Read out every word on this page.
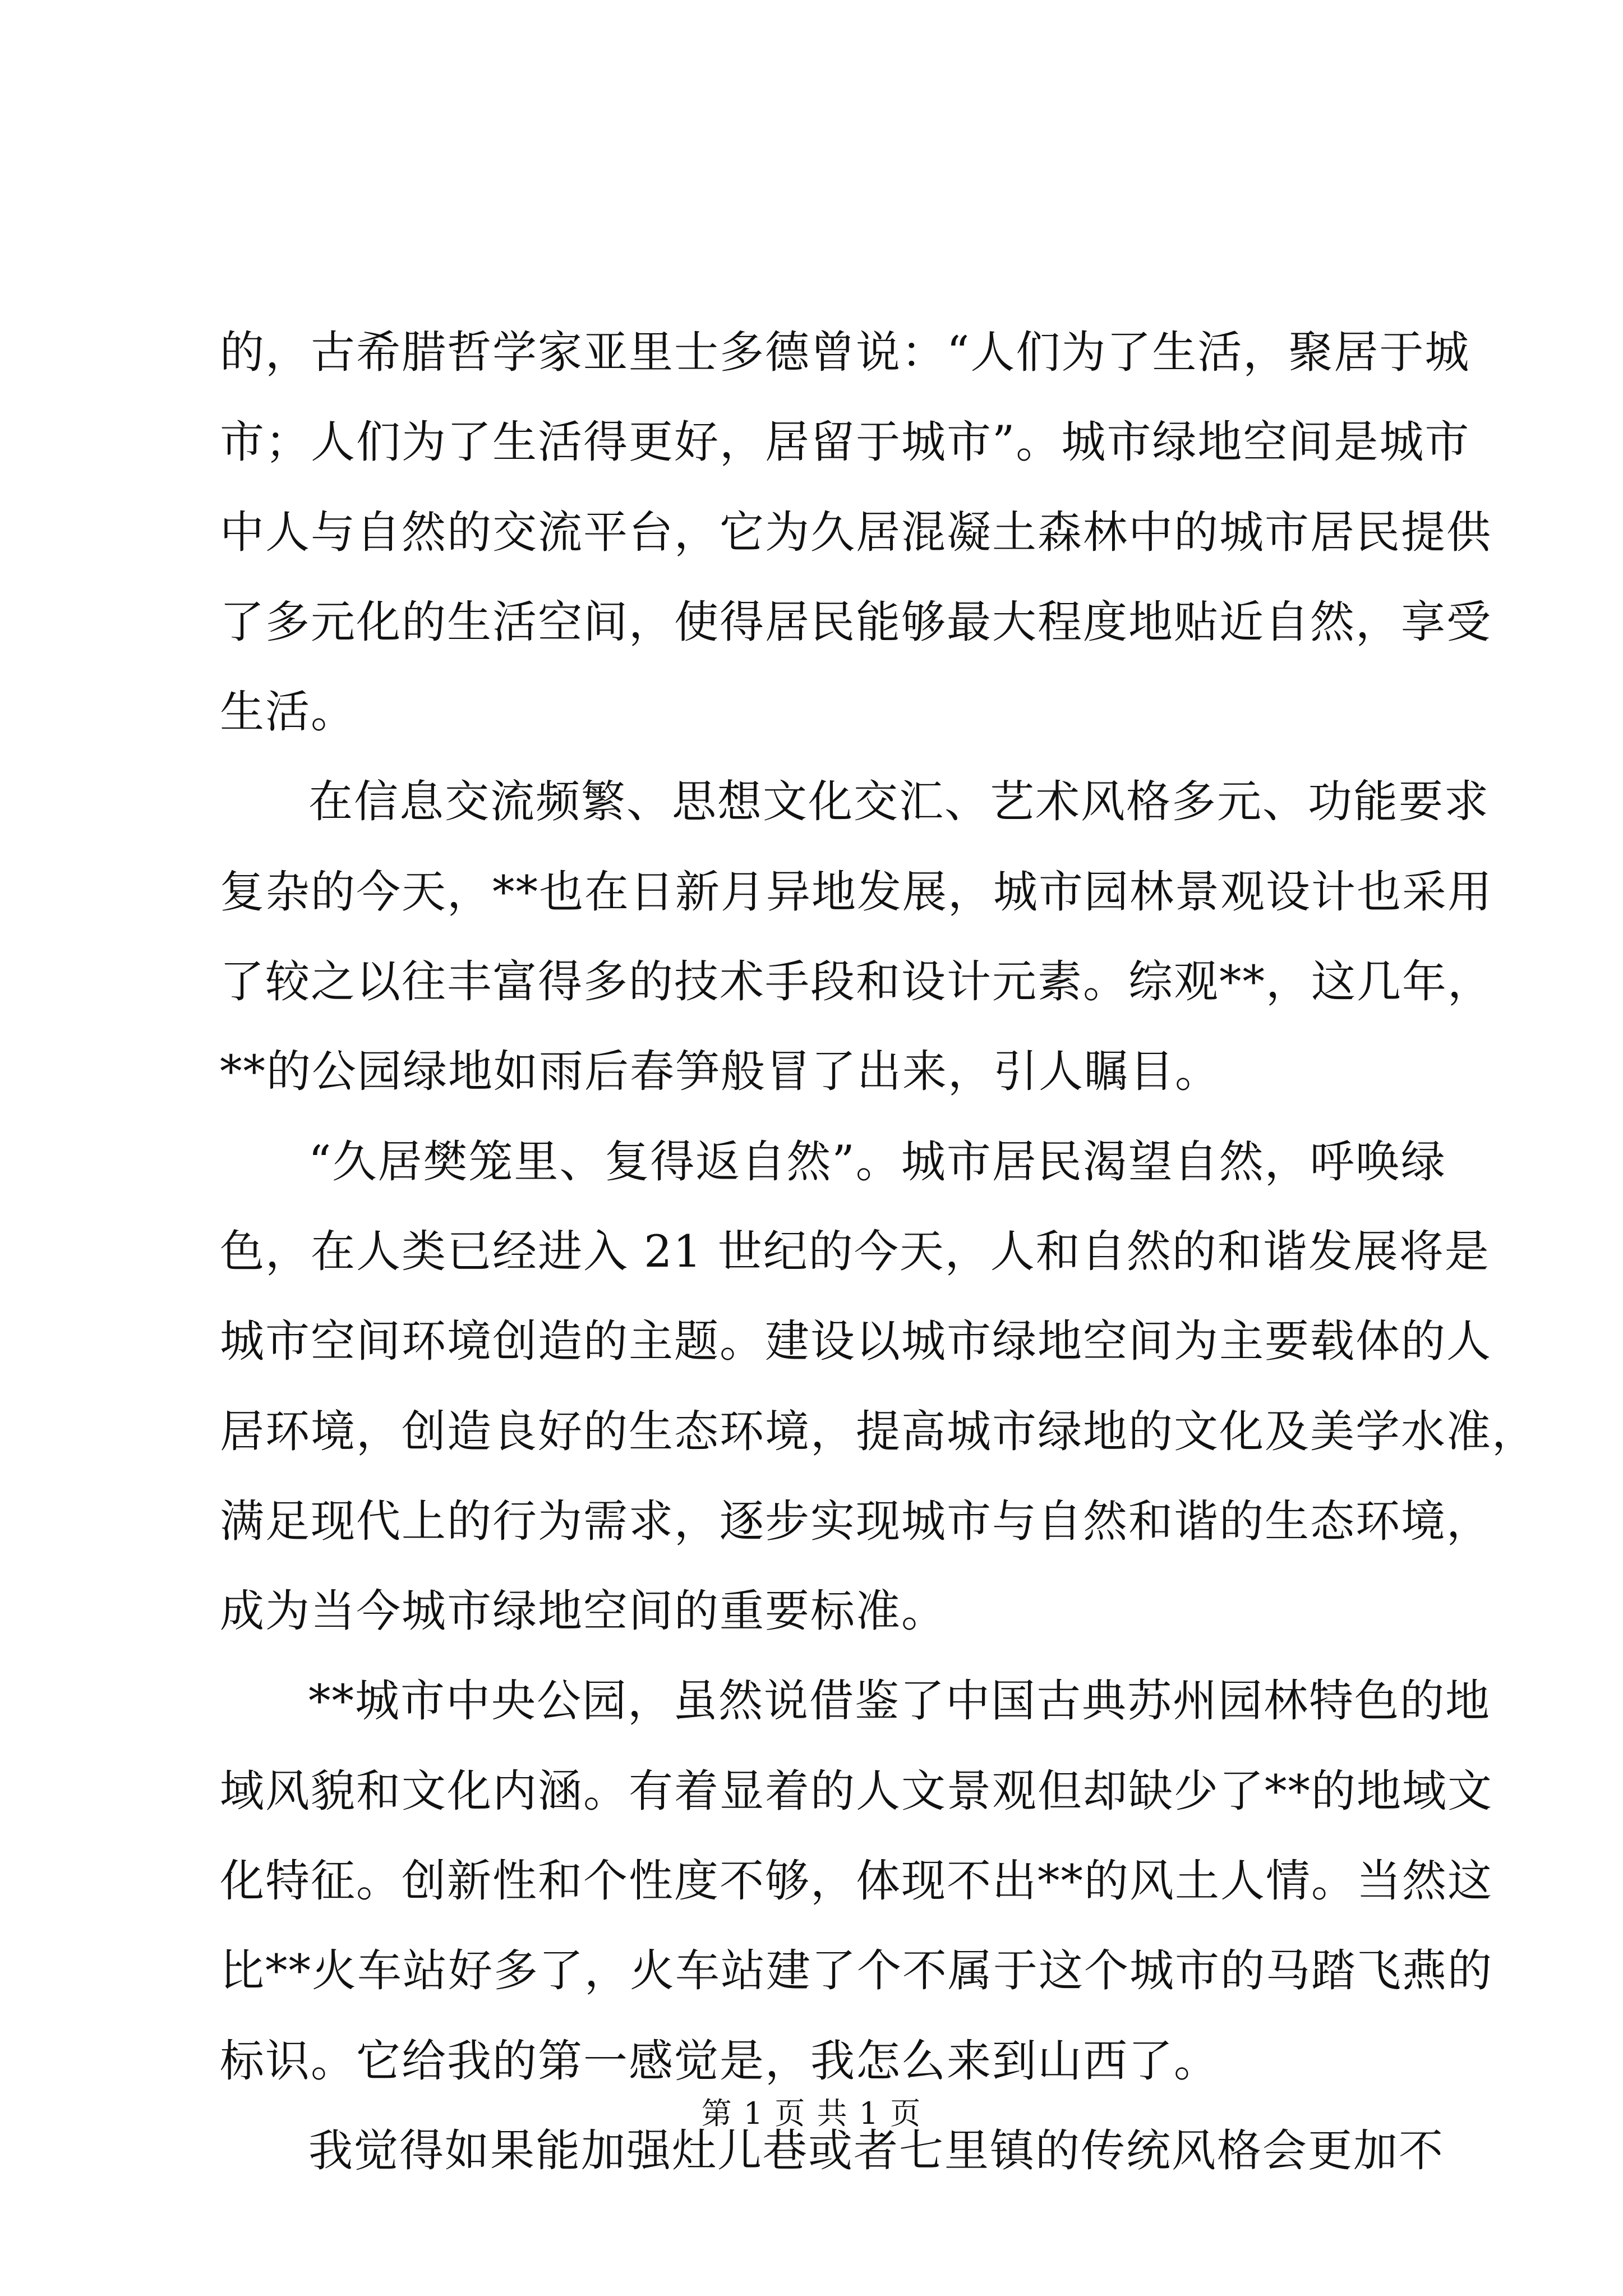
的，古希腊哲学家亚里士多德曾说：“人们为了生活，聚居于城
市；人们为了生活得更好，居留于城市”。城市绿地空间是城市
中人与自然的交流平台，它为久居混凝土森林中的城市居民提供
了多元化的生活空间，使得居民能够最大程度地贴近自然，享受
生活。
在信息交流频繁、思想文化交汇、艺术风格多元、功能要求
复杂的今天，**也在日新月异地发展，城市园林景观设计也采用
了较之以往丰富得多的技术手段和设计元素。综观**，这几年，
**的公园绿地如雨后春笋般冒了出来，引人瞩目。
“久居樊笼里、复得返自然”。城市居民渴望自然，呼唤绿
色，在人类已经进入 21 世纪的今天，人和自然的和谐发展将是
城市空间环境创造的主题。建设以城市绿地空间为主要载体的人
居环境，创造良好的生态环境，提高城市绿地的文化及美学水准，
满足现代上的行为需求，逐步实现城市与自然和谐的生态环境，
成为当今城市绿地空间的重要标准。
**城市中央公园，虽然说借鉴了中国古典苏州园林特色的地
域风貌和文化内涵。有着显着的人文景观但却缺少了**的地域文
化特征。创新性和个性度不够，体现不出**的风土人情。当然这
比**火车站好多了，火车站建了个不属于这个城市的马踏飞燕的
标识。它给我的第一感觉是，我怎么来到山西了。
我觉得如果能加强灶儿巷或者七里镇的传统风格会更加不
第 1 页 共 1 页
